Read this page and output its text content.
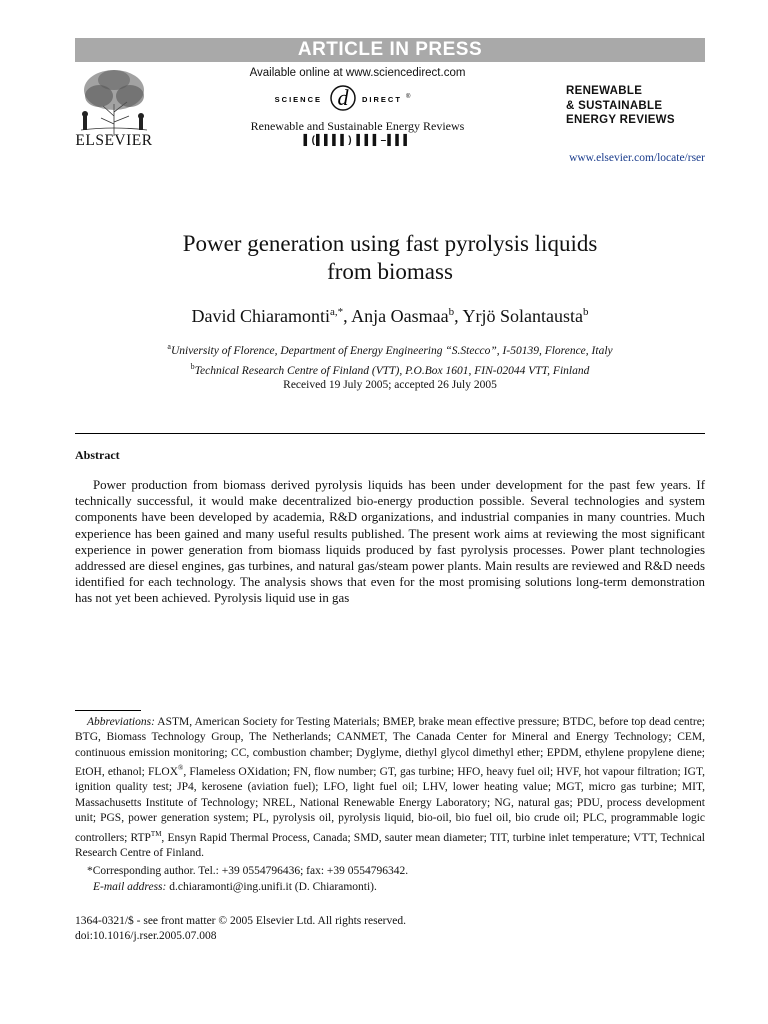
ARTICLE IN PRESS
ELSEVIER
Available online at www.sciencedirect.com
SCIENCE d DIRECT ®
Renewable and Sustainable Energy Reviews
▌(▌▌▌▌) ▌▌▌–▌▌▌
RENEWABLE
& SUSTAINABLE
ENERGY REVIEWS
www.elsevier.com/locate/rser
Power generation using fast pyrolysis liquids
from biomass
David Chiaramonti$^{a,*}$, Anja Oasmaa$^b$, Yrjö Solantausta$^b$
$^a$University of Florence, Department of Energy Engineering “S.Stecco”, I-50139, Florence, Italy
$^b$Technical Research Centre of Finland (VTT), P.O.Box 1601, FIN-02044 VTT, Finland
Received 19 July 2005; accepted 26 July 2005
Abstract
Power production from biomass derived pyrolysis liquids has been under development for the past few years. If technically successful, it would make decentralized bio-energy production possible. Several technologies and system components have been developed by academia, R&D organizations, and industrial companies in many countries. Much experience has been gained and many useful results published. The present work aims at reviewing the most significant experience in power generation from biomass liquids produced by fast pyrolysis processes. Power plant technologies addressed are diesel engines, gas turbines, and natural gas/steam power plants. Main results are reviewed and R&D needs identified for each technology. The analysis shows that even for the most promising solutions long-term demonstration has not yet been achieved. Pyrolysis liquid use in gas
Abbreviations: ASTM, American Society for Testing Materials; BMEP, brake mean effective pressure; BTDC, before top dead centre; BTG, Biomass Technology Group, The Netherlands; CANMET, The Canada Center for Mineral and Energy Technology; CEM, continuous emission monitoring; CC, combustion chamber; Dyglyme, diethyl glycol dimethyl ether; EPDM, ethylene propylene diene; EtOH, ethanol; FLOX®, Flameless OXidation; FN, flow number; GT, gas turbine; HFO, heavy fuel oil; HVF, hot vapour filtration; IGT, ignition quality test; JP4, kerosene (aviation fuel); LFO, light fuel oil; LHV, lower heating value; MGT, micro gas turbine; MIT, Massachusetts Institute of Technology; NREL, National Renewable Energy Laboratory; NG, natural gas; PDU, process development unit; PGS, power generation system; PL, pyrolysis oil, pyrolysis liquid, bio-oil, bio fuel oil, bio crude oil; PLC, programmable logic controllers; RTP™, Ensyn Rapid Thermal Process, Canada; SMD, sauter mean diameter; TIT, turbine inlet temperature; VTT, Technical Research Centre of Finland.
*Corresponding author. Tel.: +39 0554796436; fax: +39 0554796342.
E-mail address: d.chiaramonti@ing.unifi.it (D. Chiaramonti).
1364-0321/$ - see front matter © 2005 Elsevier Ltd. All rights reserved.
doi:10.1016/j.rser.2005.07.008
